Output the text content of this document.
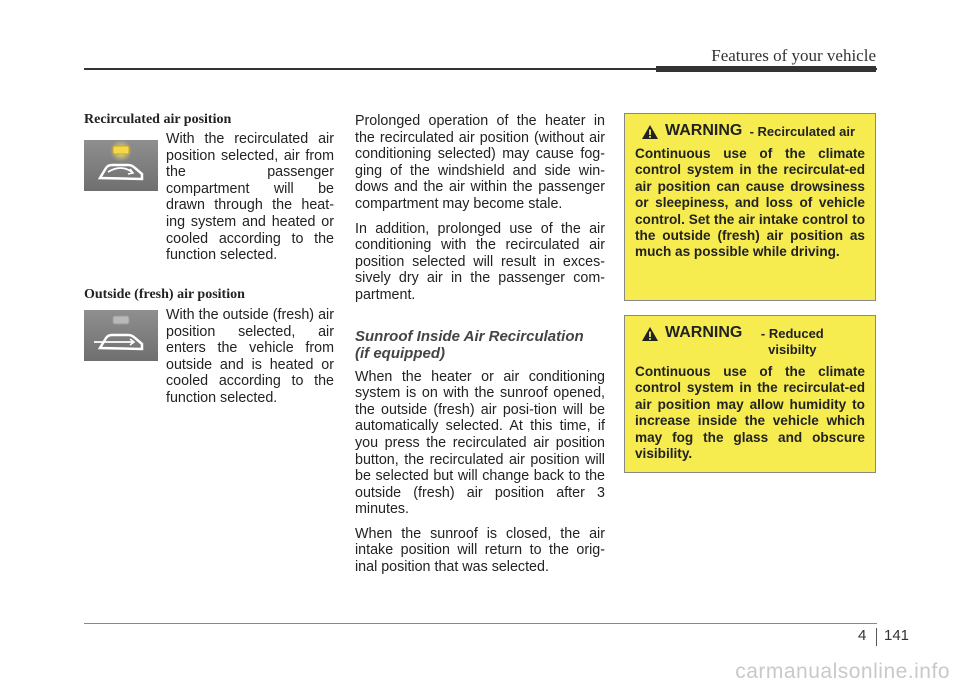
Features of your vehicle
Recirculated air position

With the recirculated air position selected, air from the passenger compartment will be drawn through the heat-ing system and heated or cooled according to the function selected.

Outside (fresh) air position

With the outside (fresh) air position selected, air enters the vehicle from outside and is heated or cooled according to the function selected.

Prolonged operation of the heater in the recirculated air position (without air conditioning selected) may cause fog-ging of the windshield and side win-dows and the air within the passenger compartment may become stale.

In addition, prolonged use of the air conditioning with the recirculated air position selected will result in exces-sively dry air in the passenger com-partment.

Sunroof Inside Air Recirculation
(if equipped)

When the heater or air conditioning system is on with the sunroof opened, the outside (fresh) air posi-tion will be automatically selected. At this time, if you press the recirculated air position button, the recirculated air position will be selected but will change back to the outside (fresh) air position after 3 minutes.

When the sunroof is closed, the air intake position will return to the orig-inal position that was selected.

WARNING - Recirculated air

Continuous use of the climate control system in the recirculat-ed air position can cause drowsiness or sleepiness, and loss of vehicle control. Set the air intake control to the outside (fresh) air position as much as possible while driving.

WARNING	- Reduced visibilty

Continuous use of the climate control system in the recirculat-ed air position may allow humidity to increase inside the vehicle which may fog the glass and obscure visibility.

4 141
carmanualsonline.info
